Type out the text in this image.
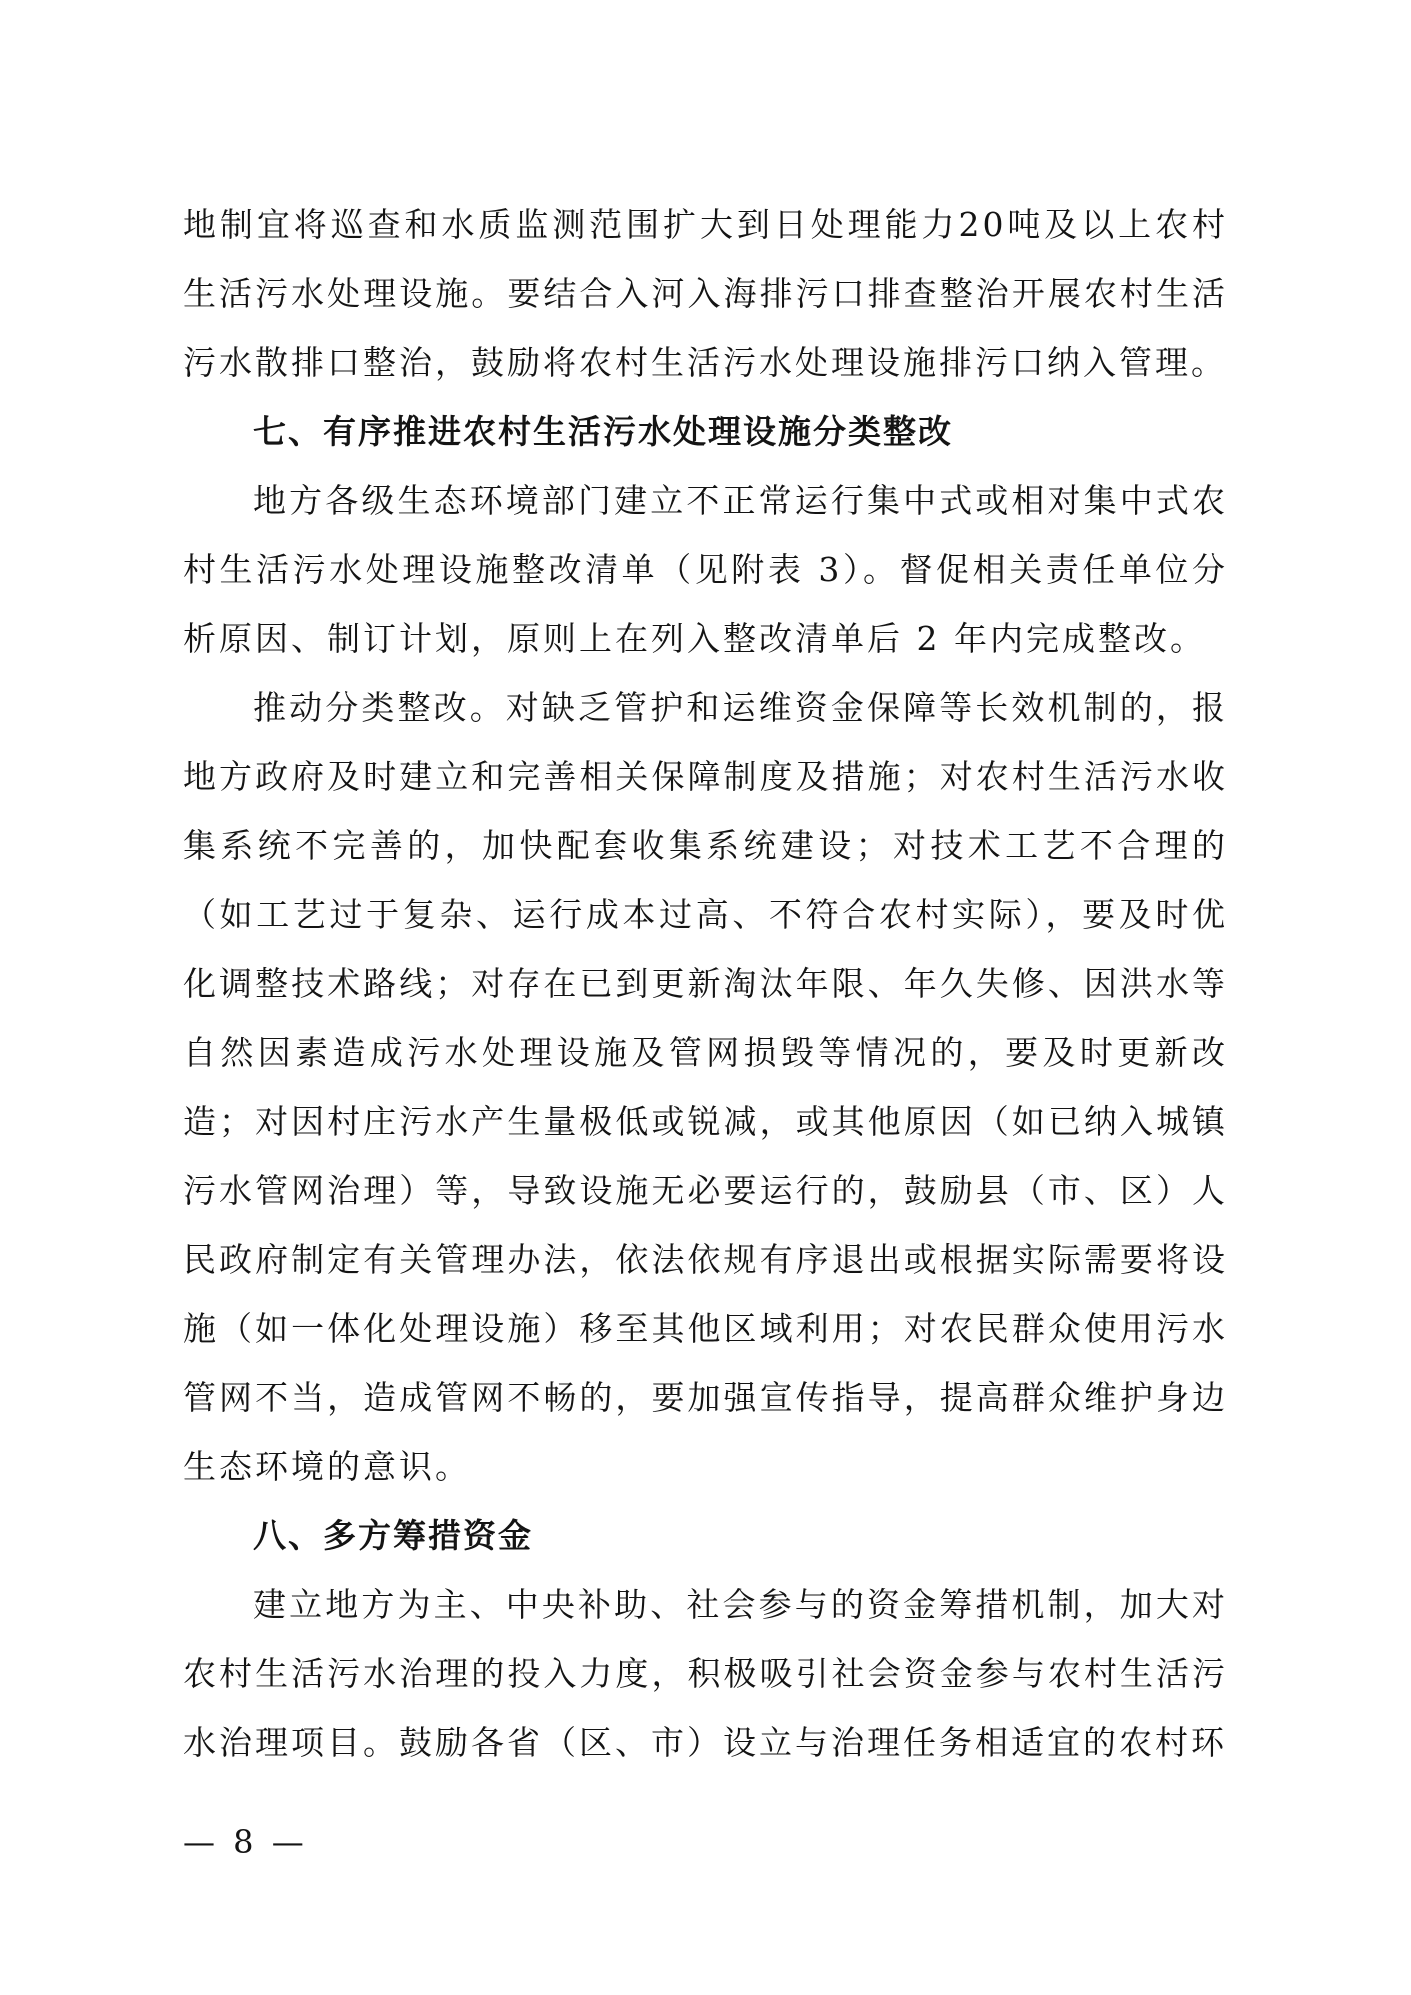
地制宜将巡查和水质监测范围扩大到日处理能力20吨及以上农村生活污水处理设施。要结合入河入海排污口排查整治开展农村生活污水散排口整治，鼓励将农村生活污水处理设施排污口纳入管理。

七、有序推进农村生活污水处理设施分类整改

地方各级生态环境部门建立不正常运行集中式或相对集中式农村生活污水处理设施整改清单（见附表 3）。督促相关责任单位分析原因、制订计划，原则上在列入整改清单后 2 年内完成整改。

推动分类整改。对缺乏管护和运维资金保障等长效机制的，报地方政府及时建立和完善相关保障制度及措施；对农村生活污水收集系统不完善的，加快配套收集系统建设；对技术工艺不合理的（如工艺过于复杂、运行成本过高、不符合农村实际），要及时优化调整技术路线；对存在已到更新淘汰年限、年久失修、因洪水等自然因素造成污水处理设施及管网损毁等情况的，要及时更新改造；对因村庄污水产生量极低或锐减，或其他原因（如已纳入城镇污水管网治理）等，导致设施无必要运行的，鼓励县（市、区）人民政府制定有关管理办法，依法依规有序退出或根据实际需要将设施（如一体化处理设施）移至其他区域利用；对农民群众使用污水管网不当，造成管网不畅的，要加强宣传指导，提高群众维护身边生态环境的意识。

八、多方筹措资金

建立地方为主、中央补助、社会参与的资金筹措机制，加大对农村生活污水治理的投入力度，积极吸引社会资金参与农村生活污水治理项目。鼓励各省（区、市）设立与治理任务相适宜的农村环

— 8 —
